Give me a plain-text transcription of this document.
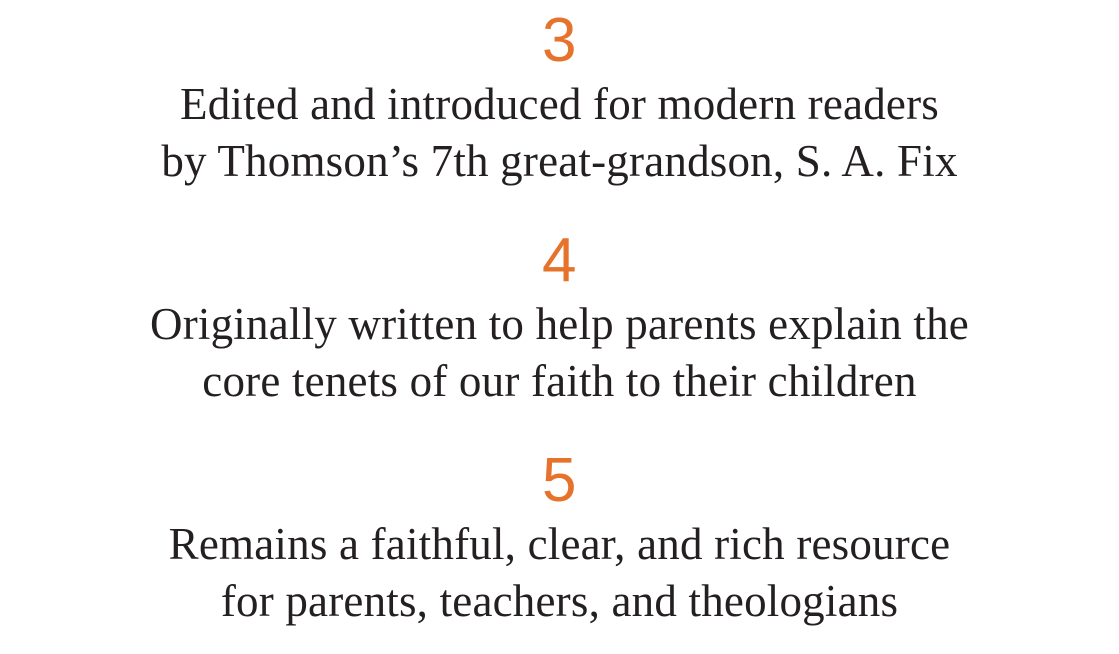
3
Edited and introduced for modern readers
by Thomson’s 7th great-grandson, S. A. Fix
4
Originally written to help parents explain the
core tenets of our faith to their children
5
Remains a faithful, clear, and rich resource
for parents, teachers, and theologians
